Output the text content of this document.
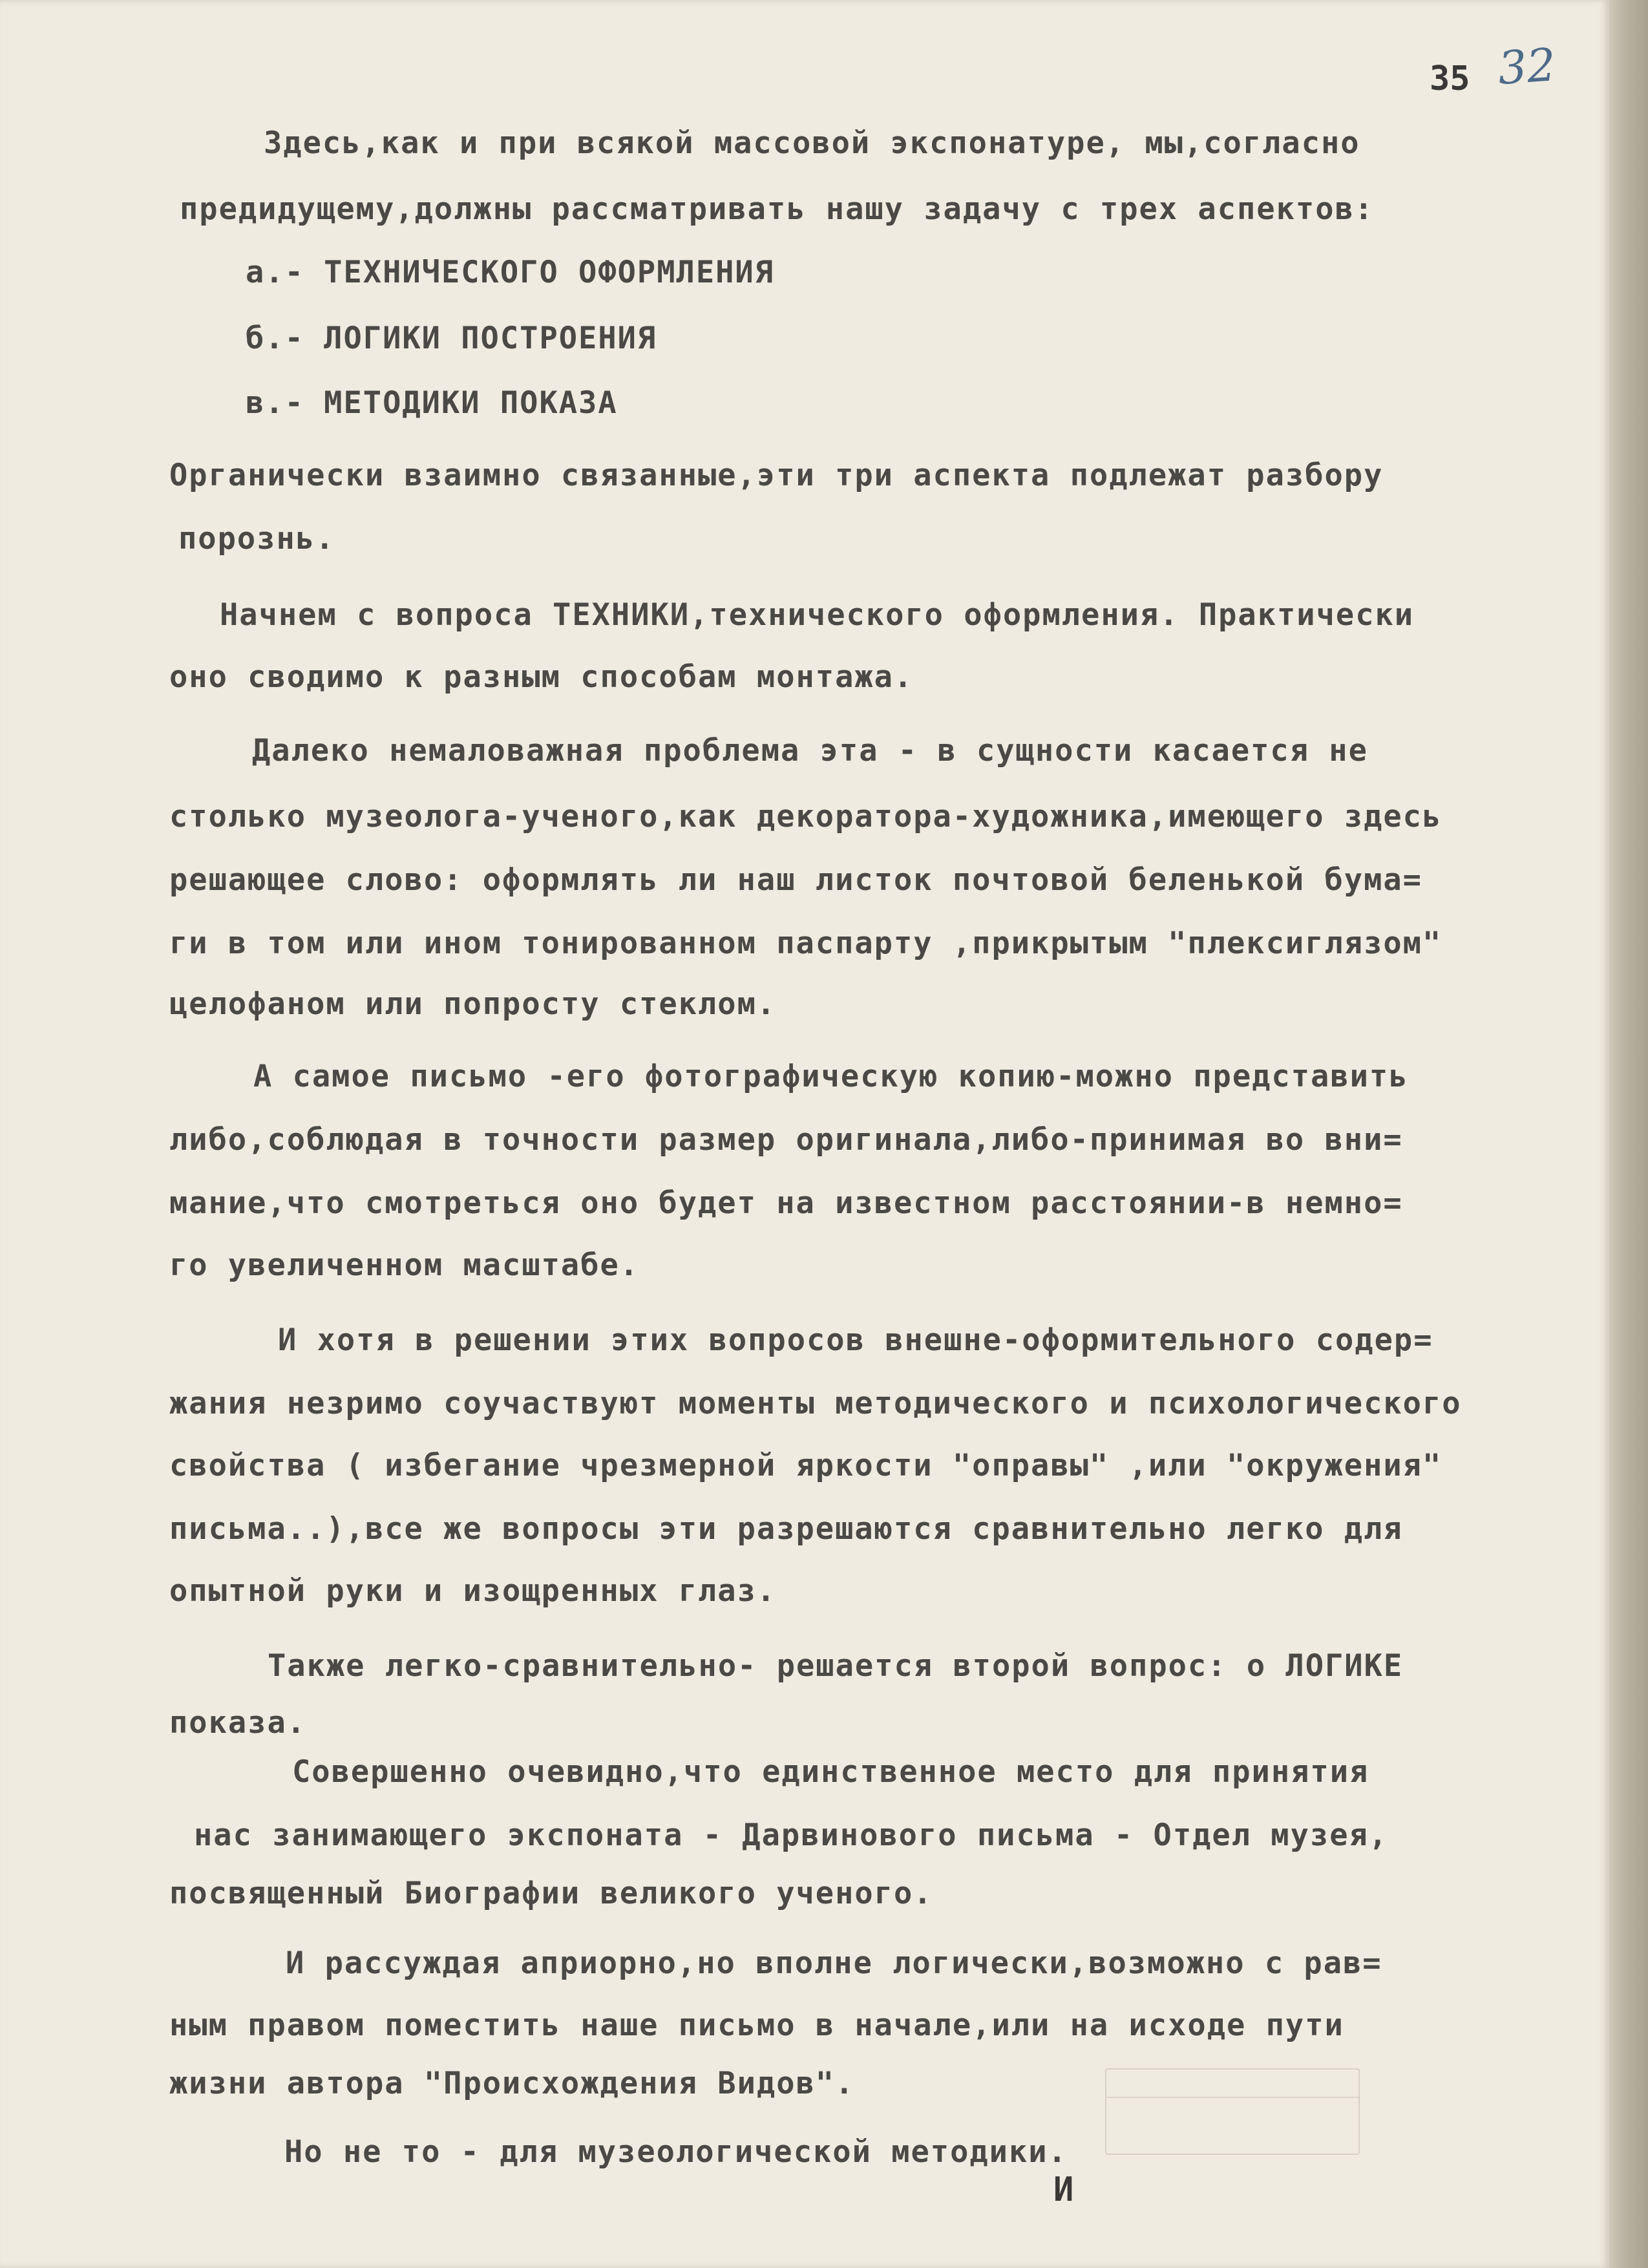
35 32
Здесь,как и при всякой массовой экспонатуре, мы,согласно
предидущему,должны рассматривать нашу задачу с трех аспектов:
а.- ТЕХНИЧЕСКОГО ОФОРМЛЕНИЯ
б.- ЛОГИКИ ПОСТРОЕНИЯ
в.- МЕТОДИКИ ПОКАЗА
Органически взаимно связанные,эти три аспекта подлежат разбору
порознь.
Начнем с вопроса ТЕХНИКИ,технического оформления. Практически
оно сводимо к разным способам монтажа.
Далеко немаловажная проблема эта - в сущности касается не
столько музеолога-ученого,как декоратора-художника,имеющего здесь
решающее слово: оформлять ли наш листок почтовой беленькой бума=
ги в том или ином тонированном паспарту ,прикрытым "плексиглязом"
целофаном или попросту стеклом.
А самое письмо -его фотографическую копию-можно представить
либо,соблюдая в точности размер оригинала,либо-принимая во вни=
мание,что смотреться оно будет на известном расстоянии-в немно=
го увеличенном масштабе.
И хотя в решении этих вопросов внешне-оформительного содер=
жания незримо соучаствуют моменты методического и психологического
свойства ( избегание чрезмерной яркости "оправы" ,или "окружения"
письма..),все же вопросы эти разрешаются сравнительно легко для
опытной руки и изощренных глаз.
Также легко-сравнительно- решается второй вопрос: о ЛОГИКЕ
показа.
Совершенно очевидно,что единственное место для принятия
нас занимающего экспоната - Дарвинового письма - Отдел музея,
посвященный Биографии великого ученого.
И рассуждая априорно,но вполне логически,возможно с рав=
ным правом поместить наше письмо в начале,или на исходе пути
жизни автора "Происхождения Видов".
Но не то - для музеологической методики.
И
